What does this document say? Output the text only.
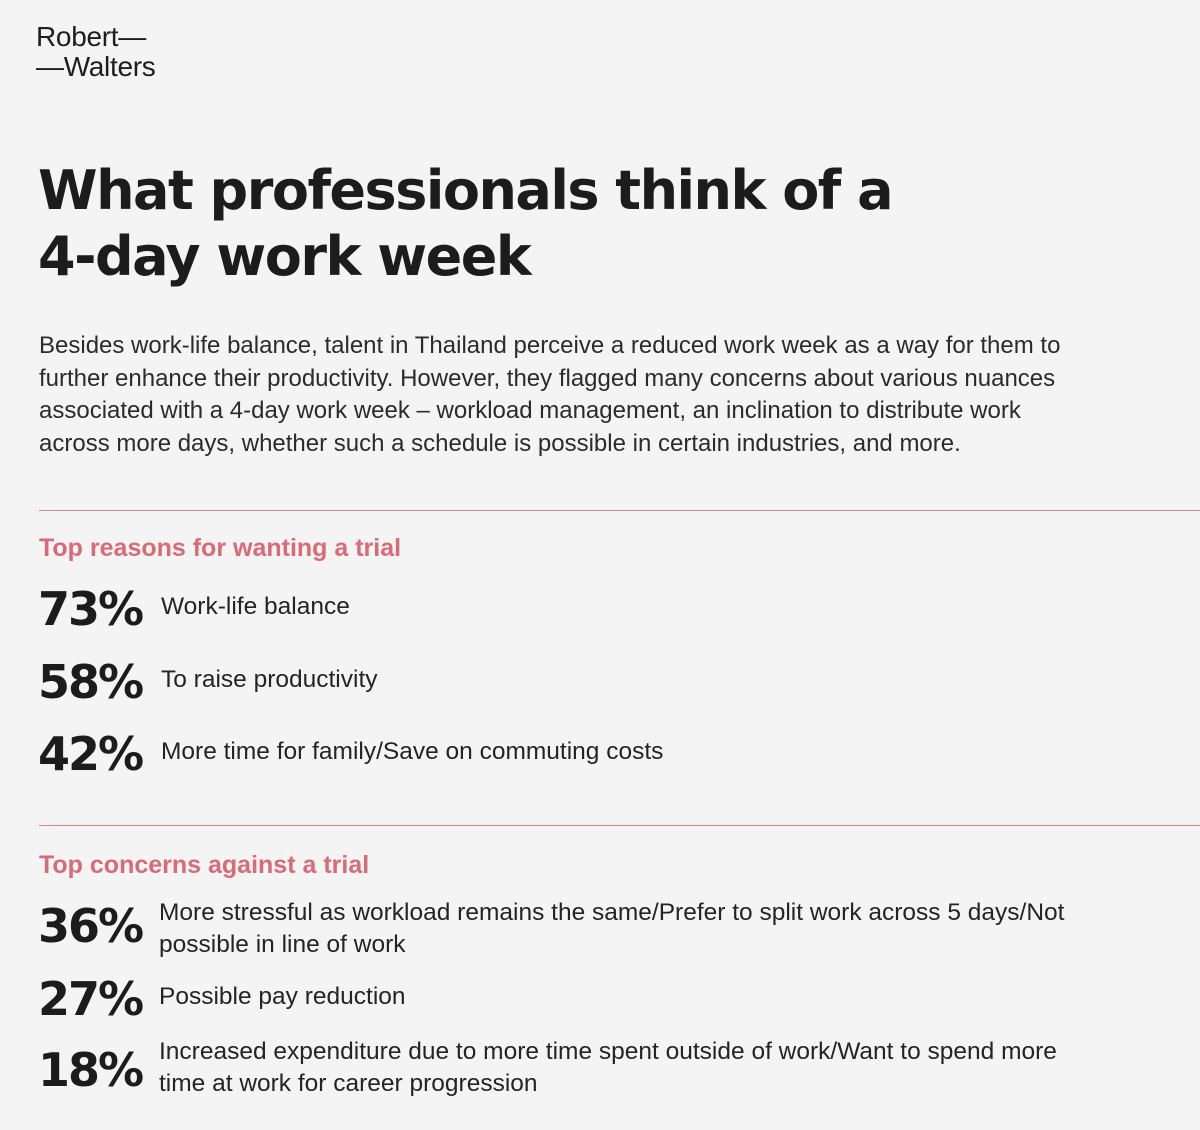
Robert—
—Walters
What professionals think of a
4-day work week

Besides work-life balance, talent in Thailand perceive a reduced work week as a way for them to
further enhance their productivity. However, they flagged many concerns about various nuances
associated with a 4-day work week – workload management, an inclination to distribute work
across more days, whether such a schedule is possible in certain industries, and more.

Top reasons for wanting a trial
73% Work-life balance
58% To raise productivity
42% More time for family/Save on commuting costs
Top concerns against a trial
36% More stressful as workload remains the same/Prefer to split work across 5 days/Not
possible in line of work
27% Possible pay reduction
18% Increased expenditure due to more time spent outside of work/Want to spend more
time at work for career progression
